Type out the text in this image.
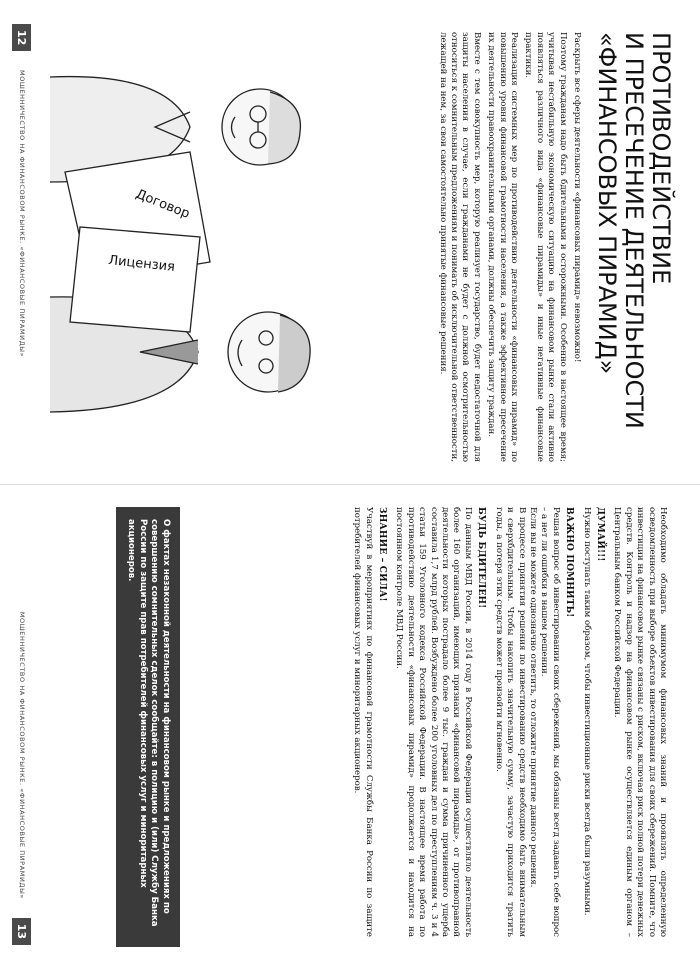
ПРОТИВОДЕЙСТВИЕ
И ПРЕСЕЧЕНИЕ ДЕЯТЕЛЬНОСТИ
«ФИНАНСОВЫХ ПИРАМИД»

Раскрыть все сферы деятельности «финансовых пирамид» невозможно!

Поэтому гражданам надо быть бдительными и осторожными. Особенно в настоящее время; учитывая нестабильную экономическую ситуацию на финансовом рынке стали активно появляться различного вида «финансовые пирамиды» и иные негативные финансовые практики.

Реализация системных мер по противодействию деятельности «финансовых пирамид» по повышению уровня финансовой грамотности населения, а также эффективное пресечение их деятельности правоохранительными органами, должны обеспечить защиту граждан.

Вместе с тем совокупность мер, которую реализует государство, будет недостаточной для защиты населения в случае, если гражданами не будет с должной осмотрительностью относиться к сомнительным предложениям и понимать об исключительной ответственности, лежащей на нем, за свои самостоятельно принятые финансовые решения.

Договор
Лицензия
12
МОШЕННИЧЕСТВО НА ФИНАНСОВОМ РЫНКЕ. «ФИНАНСОВЫЕ ПИРАМИДЫ»

Необходимо обладать минимумом финансовых знаний и проявлять определенную осведомленность при выборе объектов инвестирования для своих сбережений. Помните, что инвестиции на финансовом рынке связаны с риском, включая риск полной потери денежных средств. Контроль и надзор на финансовом рынке осуществляется единым органом – Центральным банком Российской Федерации.

ДУМАЙ!!!

Нужно поступать таким образом, чтобы инвестиционные риски всегда были разумными.

ВАЖНО ПОМНИТЬ!

Решая вопрос об инвестировании своих сбережений, мы обязаны всегд задавать себе вопрос – а нет ли ошибки в нашем решении.
Если вы не можете однозначно ответить, то отложите принятие данного решения.
В процессе принятия решения по инвестированию средств необходимо быть внимательным и сверхбдительным. Чтобы накопить значительную сумму, зачастую приходится тратить годы, а потеря этих средств может произойти мгновенно.

БУДЬ БДИТЕЛЕН!

По данным МВД России, в 2014 году в Российской Федерации осуществляло деятельность более 160 организаций, имеющих признаки «финансовой пирамиды», от противоправной деятельности которых пострадало более 9 тыс. граждан и сумма причиненного ущерба составила 1,7 млрд рублей. Возбуждено более 200 уголовных дел по преступлениям ч. 3 и 4 статьи 159 Уголовного кодекса Российской Федерации. В настоящее время работа по противодействию деятельности «финансовых пирамид» продолжается и находится на постоянном контроле МВД России.

ЗНАНИЕ – СИЛА!

Участвуй в мероприятиях по финансовой грамотности Службы Банка России по защите потребителей финансовых услуг и миноритарных акционеров.

О фактах незаконной деятельности на финансовом рынке и предложениях по совершению сомнительных сделок сообщайте: в полицию и (или) Службу Банка России по защите прав потребителей финансовых услуг и миноритарных акционеров.
13
МОШЕННИЧЕСТВО НА ФИНАНСОВОМ РЫНКЕ. «ФИНАНСОВЫЕ ПИРАМИДЫ»
